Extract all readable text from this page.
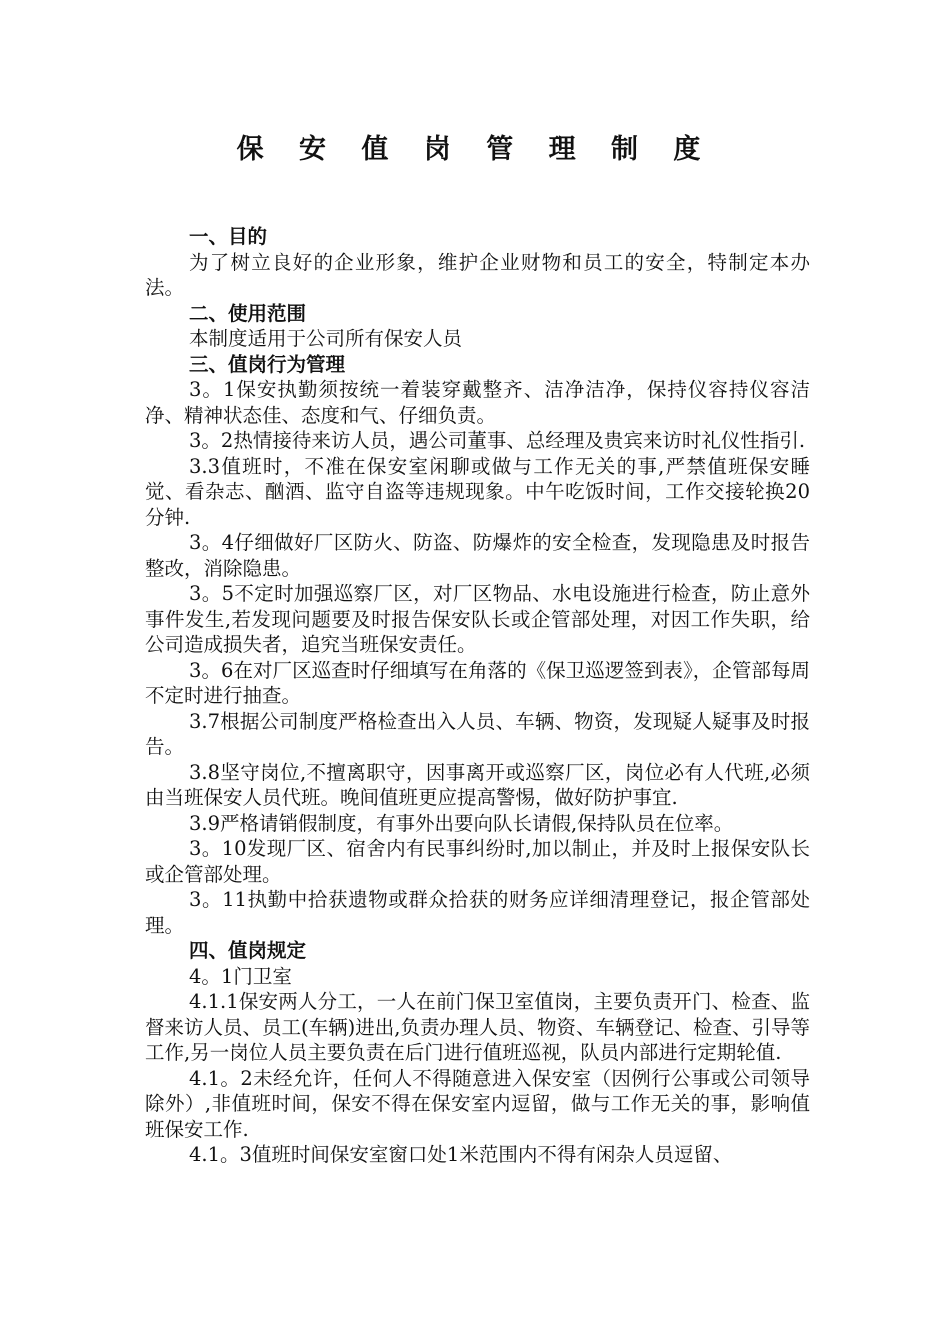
保 安 值 岗 管 理 制 度

一、目的

为了树立良好的企业形象，维护企业财物和员工的安全，特制定本办法。

二、使用范围

本制度适用于公司所有保安人员

三、值岗行为管理

3。1保安执勤须按统一着装穿戴整齐、洁净洁净，保持仪容持仪容洁净、精神状态佳、态度和气、仔细负责。

3。2热情接待来访人员，遇公司董事、总经理及贵宾来访时礼仪性指引.

3.3值班时，不准在保安室闲聊或做与工作无关的事,严禁值班保安睡觉、看杂志、酗酒、监守自盗等违规现象。中午吃饭时间，工作交接轮换20分钟.

3。4仔细做好厂区防火、防盗、防爆炸的安全检查，发现隐患及时报告整改，消除隐患。

3。5不定时加强巡察厂区，对厂区物品、水电设施进行检查，防止意外事件发生,若发现问题要及时报告保安队长或企管部处理，对因工作失职，给公司造成损失者，追究当班保安责任。

3。6在对厂区巡查时仔细填写在角落的《保卫巡逻签到表》，企管部每周不定时进行抽查。

3.7根据公司制度严格检查出入人员、车辆、物资，发现疑人疑事及时报告。

3.8坚守岗位,不擅离职守，因事离开或巡察厂区，岗位必有人代班,必须由当班保安人员代班。晚间值班更应提高警惕，做好防护事宜.

3.9严格请销假制度，有事外出要向队长请假,保持队员在位率。

3。10发现厂区、宿舍内有民事纠纷时,加以制止，并及时上报保安队长或企管部处理。

3。11执勤中拾获遗物或群众拾获的财务应详细清理登记，报企管部处理。

四、值岗规定

4。1门卫室

4.1.1保安两人分工，一人在前门保卫室值岗，主要负责开门、检查、监督来访人员、员工(车辆)进出,负责办理人员、物资、车辆登记、检查、引导等工作,另一岗位人员主要负责在后门进行值班巡视，队员内部进行定期轮值.

4.1。2未经允许，任何人不得随意进入保安室（因例行公事或公司领导除外）,非值班时间，保安不得在保安室内逗留，做与工作无关的事，影响值班保安工作.

4.1。3值班时间保安室窗口处1米范围内不得有闲杂人员逗留、
